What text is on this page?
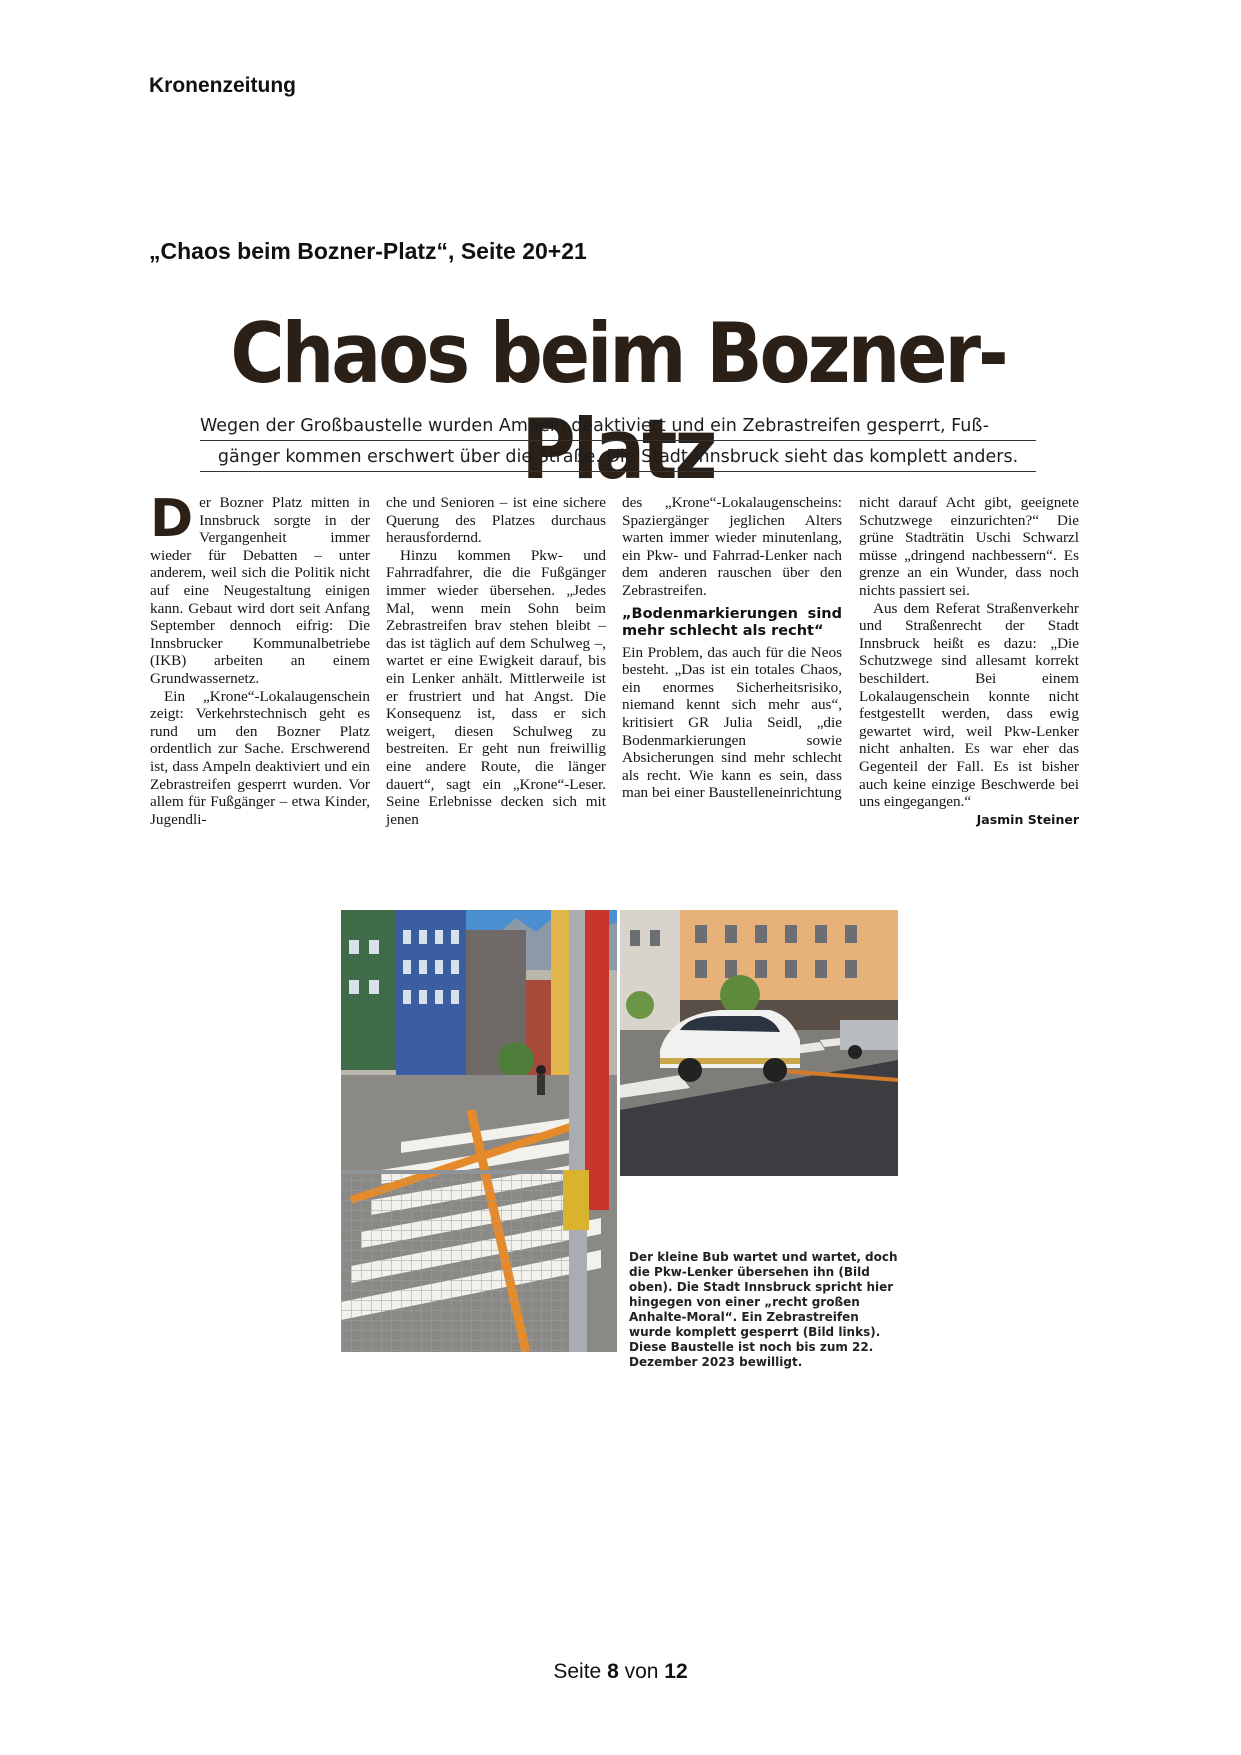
Kronenzeitung
„Chaos beim Bozner-Platz“, Seite 20+21
Chaos beim Bozner-Platz
Wegen der Großbaustelle wurden Ampeln deaktiviert und ein Zebrastreifen gesperrt, Fuß-
gänger kommen erschwert über die Straße. Die Stadt Innsbruck sieht das komplett anders.

Der Bozner Platz mitten in Innsbruck sorgte in der Vergangenheit immer wieder für Debatten – unter anderem, weil sich die Politik nicht auf eine Neugestaltung einigen kann. Gebaut wird dort seit Anfang September dennoch eifrig: Die Innsbrucker Kommunalbetriebe (IKB) arbeiten an einem Grundwassernetz.

Ein „Krone“-Lokalaugenschein zeigt: Verkehrstechnisch geht es rund um den Bozner Platz ordentlich zur Sache. Erschwerend ist, dass Ampeln deaktiviert und ein Zebrastreifen gesperrt wurden. Vor allem für Fußgänger – etwa Kinder, Jugendli-

che und Senioren – ist eine sichere Querung des Platzes durchaus herausfordernd.

Hinzu kommen Pkw- und Fahrradfahrer, die die Fußgänger immer wieder übersehen. „Jedes Mal, wenn mein Sohn beim Zebrastreifen brav stehen bleibt – das ist täglich auf dem Schulweg –, wartet er eine Ewigkeit darauf, bis ein Lenker anhält. Mittlerweile ist er frustriert und hat Angst. Die Konsequenz ist, dass er sich weigert, diesen Schulweg zu bestreiten. Er geht nun freiwillig eine andere Route, die länger dauert“, sagt ein „Krone“-Leser. Seine Erlebnisse decken sich mit jenen

des „Krone“-Lokalaugenscheins: Spaziergänger jeglichen Alters warten immer wieder minutenlang, ein Pkw- und Fahrrad-Lenker nach dem anderen rauschen über den Zebrastreifen.

„Bodenmarkierungen sind mehr schlecht als recht“

Ein Problem, das auch für die Neos besteht. „Das ist ein totales Chaos, ein enormes Sicherheitsrisiko, niemand kennt sich mehr aus“, kritisiert GR Julia Seidl, „die Bodenmarkierungen sowie Absicherungen sind mehr schlecht als recht. Wie kann es sein, dass man bei einer Baustelleneinrichtung

nicht darauf Acht gibt, geeignete Schutzwege einzurichten?“ Die grüne Stadträtin Uschi Schwarzl müsse „dringend nachbessern“. Es grenze an ein Wunder, dass noch nichts passiert sei.

Aus dem Referat Straßenverkehr und Straßenrecht der Stadt Innsbruck heißt es dazu: „Die Schutzwege sind allesamt korrekt beschildert. Bei einem Lokalaugenschein konnte nicht festgestellt werden, dass ewig gewartet wird, weil Pkw-Lenker nicht anhalten. Es war eher das Gegenteil der Fall. Es ist bisher auch keine einzige Beschwerde bei uns eingegangen.“
Jasmin Steiner

Der kleine Bub wartet und wartet, doch die Pkw-Lenker übersehen ihn (Bild oben). Die Stadt Innsbruck spricht hier hingegen von einer „recht großen Anhalte-Moral“. Ein Zebrastreifen wurde komplett gesperrt (Bild links). Diese Baustelle ist noch bis zum 22. Dezember 2023 bewilligt.
Seite 8 von 12
